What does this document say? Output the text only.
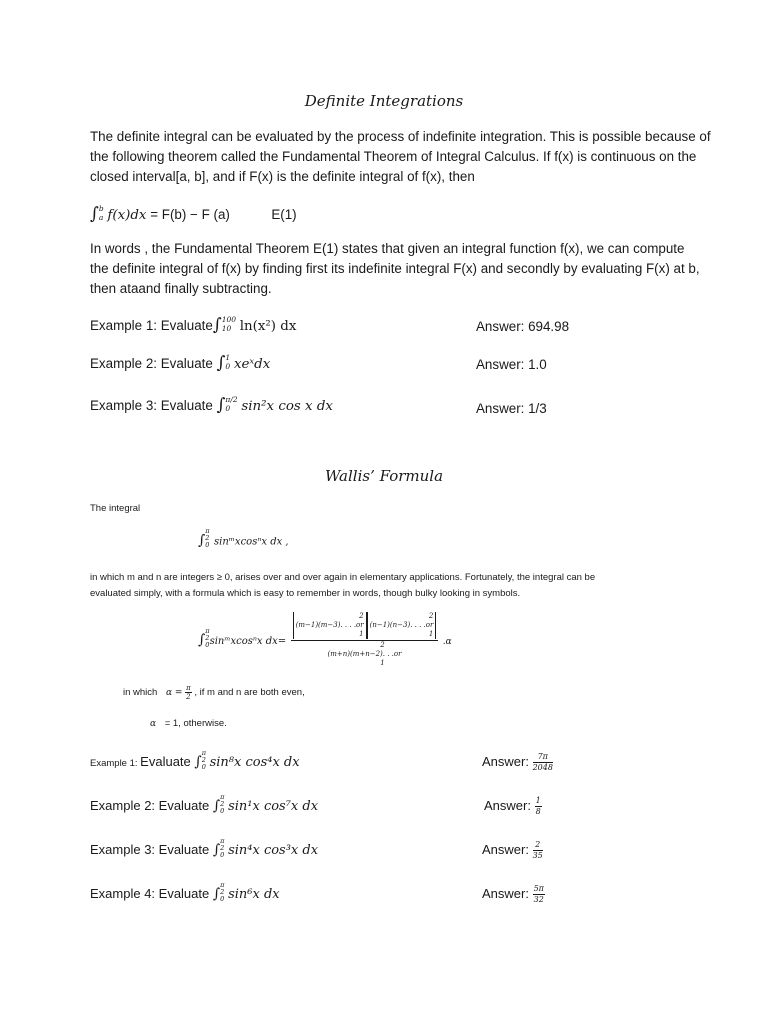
Definite Integrations
The definite integral can be evaluated by the process of indefinite integration. This is possible because of
the following theorem called the Fundamental Theorem of Integral Calculus. If f(x) is continuous on the
closed interval[a, b], and if F(x) is the definite integral of f(x), then
∫ b
a f(x)dx = F(b) − F (a)	E(1)
In words , the Fundamental Theorem E(1) states that given an integral function f(x), we can compute
the definite integral of f(x) by finding first its indefinite integral F(x) and secondly by evaluating F(x) at b,
then ataand finally subtracting.
Example 1: Evaluate∫ 100
10 ln(x²) dx	Answer: 694.98
Example 2: Evaluate ∫ 1
0 xeˣdx	Answer: 1.0
Example 3: Evaluate ∫ π/2
0 sin²x cos x dx	Answer: 1/3
Wallis’ Formula
The integral
∫
π
2
0 sinᵐxcosⁿx dx ,
in which m and n are integers ≥ 0, arises over and over again in elementary applications. Fortunately, the integral can be
evaluated simply, with a formula which is easy to remember in words, though bulky looking in symbols.
∫
π
2
0 sinᵐxcosⁿx dx=
2
(m−1)(m−3). . . .or
1
2
(n−1)(n−3). . . .or
1
2
(m+n)(m+n−2). . .or
1
.α
in which $\alpha = \frac{\pi}{2}$ , if m and n are both even,
α = 1, otherwise.
Example 1: Evaluate ∫
π
2
0 sin⁸x cos⁴x dx	Answer: $\frac{7\pi}{2048}$
Example 2: Evaluate ∫
π
2
0 sin¹x cos⁷x dx	Answer: $\frac{1}{8}$
Example 3: Evaluate ∫
π
2
0 sin⁴x cos³x dx	Answer: $\frac{2}{35}$
Example 4: Evaluate ∫
π
2
0 sin⁶x dx	Answer: $\frac{5\pi}{32}$
